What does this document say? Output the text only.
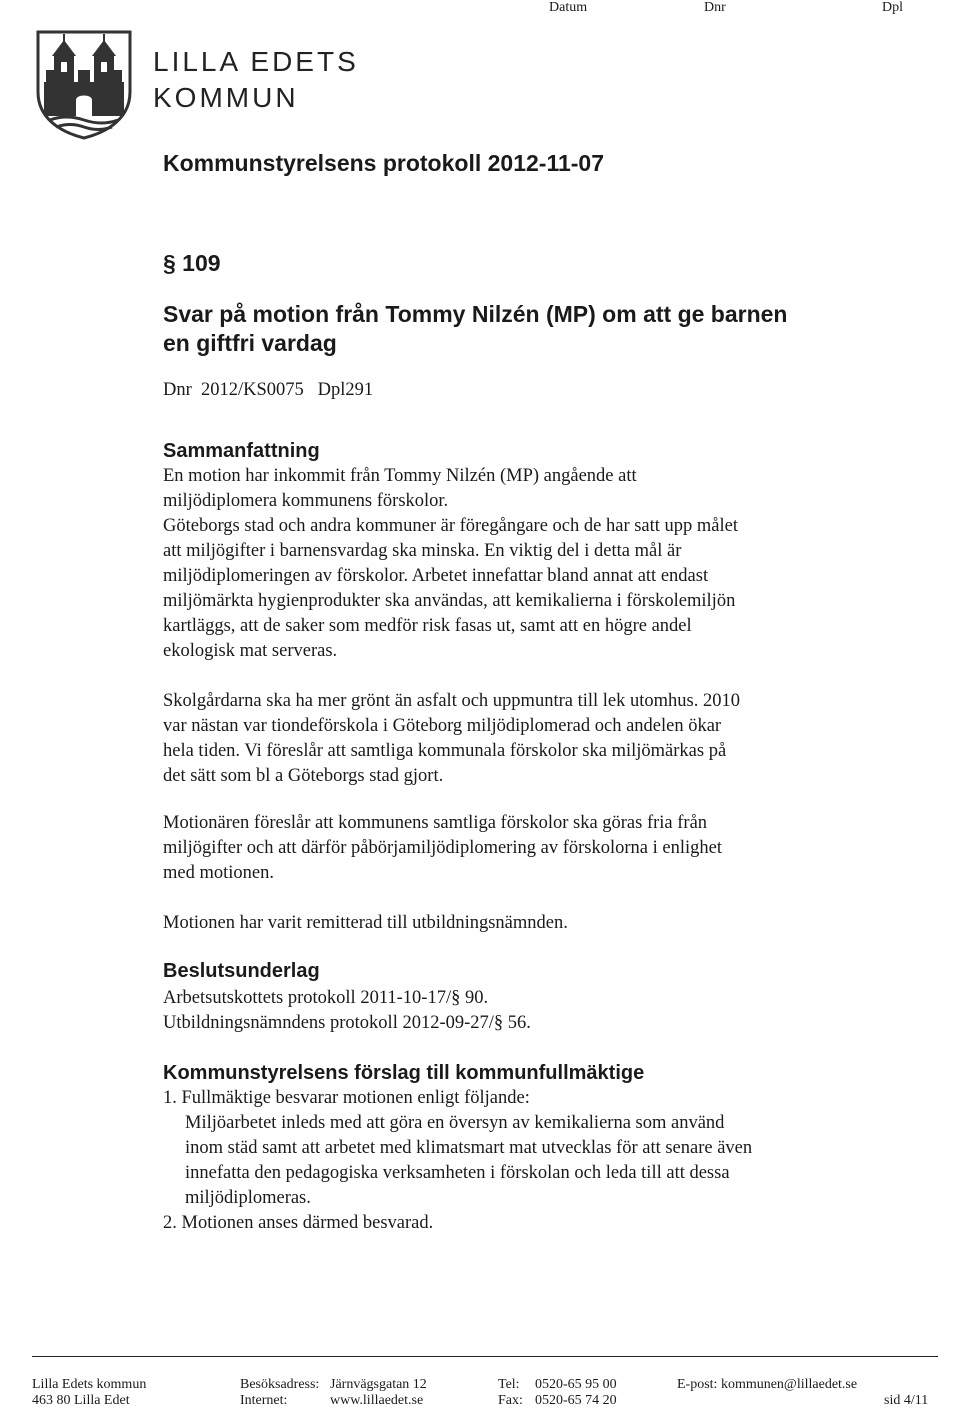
Datum	Dnr	Dpl
LILLA EDETS
KOMMUN
Kommunstyrelsens protokoll 2012-11-07
§ 109
Svar på motion från Tommy Nilzén (MP) om att ge barnen
en giftfri vardag
Dnr  2012/KS0075   Dpl291
Sammanfattning
En motion har inkommit från Tommy Nilzén (MP) angående att
miljödiplomera kommunens förskolor.
Göteborgs stad och andra kommuner är föregångare och de har satt upp målet
att miljögifter i barnensvardag ska minska. En viktig del i detta mål är
miljödiplomeringen av förskolor. Arbetet innefattar bland annat att endast
miljömärkta hygienprodukter ska användas, att kemikalierna i förskolemiljön
kartläggs, att de saker som medför risk fasas ut, samt att en högre andel
ekologisk mat serveras.
Skolgårdarna ska ha mer grönt än asfalt och uppmuntra till lek utomhus. 2010
var nästan var tiondeförskola i Göteborg miljödiplomerad och andelen ökar
hela tiden. Vi föreslår att samtliga kommunala förskolor ska miljömärkas på
det sätt som bl a Göteborgs stad gjort.
Motionären föreslår att kommunens samtliga förskolor ska göras fria från
miljögifter och att därför påbörjamiljödiplomering av förskolorna i enlighet
med motionen.
Motionen har varit remitterad till utbildningsnämnden.
Beslutsunderlag
Arbetsutskottets protokoll 2011-10-17/§ 90.
Utbildningsnämndens protokoll 2012-09-27/§ 56.
Kommunstyrelsens förslag till kommunfullmäktige
1. Fullmäktige besvarar motionen enligt följande:
Miljöarbetet inleds med att göra en översyn av kemikalierna som använd
inom städ samt att arbetet med klimatsmart mat utvecklas för att senare även
innefatta den pedagogiska verksamheten i förskolan och leda till att dessa
miljödiplomeras.
2. Motionen anses därmed besvarad.
Lilla Edets kommun
463 80 Lilla Edet
Besöksadress: Järnvägsgatan 12
Internet:	www.lillaedet.se
Tel: 0520-65 95 00
Fax: 0520-65 74 20
E-post: kommunen@lillaedet.se
sid 4/11
